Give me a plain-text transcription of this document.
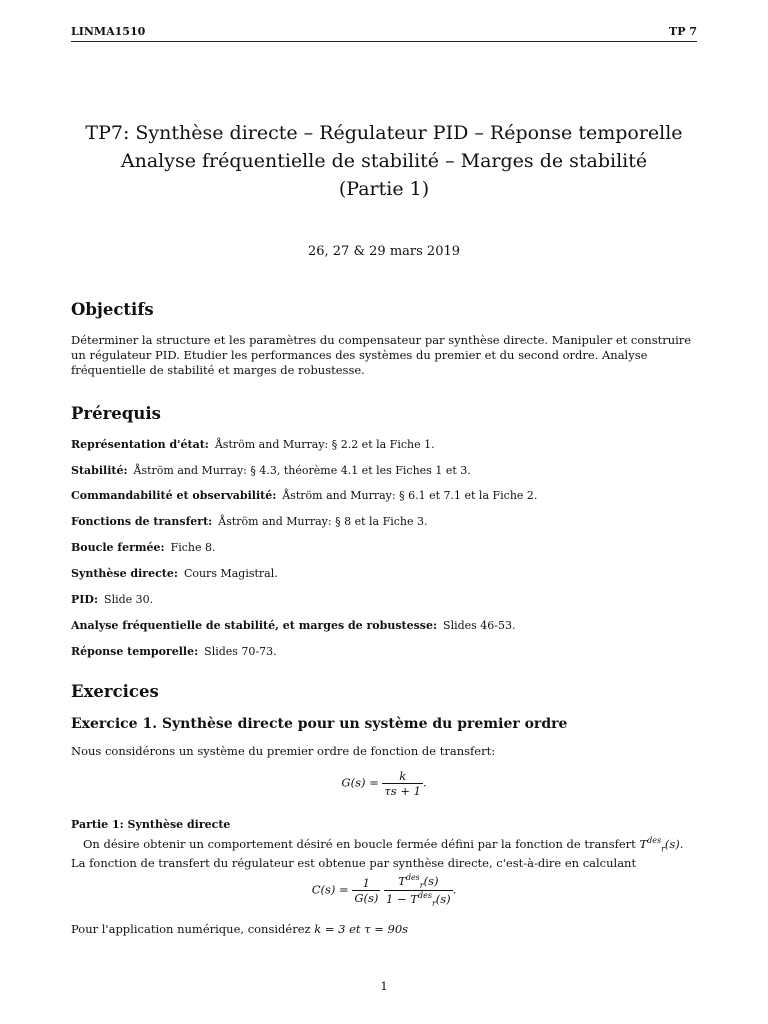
LINMA1510	TP 7
TP7: Synthèse directe – Régulateur PID – Réponse temporelle
Analyse fréquentielle de stabilité – Marges de stabilité
(Partie 1)
26, 27 & 29 mars 2019
Objectifs
Déterminer la structure et les paramètres du compensateur par synthèse directe. Manipuler et construire un régulateur PID. Etudier les performances des systèmes du premier et du second ordre. Analyse fréquentielle de stabilité et marges de robustesse.
Prérequis
Représentation d'état: Åström and Murray: § 2.2 et la Fiche 1.
Stabilité: Åström and Murray: § 4.3, théorème 4.1 et les Fiches 1 et 3.
Commandabilité et observabilité: Åström and Murray: § 6.1 et 7.1 et la Fiche 2.
Fonctions de transfert: Åström and Murray: § 8 et la Fiche 3.
Boucle fermée: Fiche 8.
Synthèse directe: Cours Magistral.
PID: Slide 30.
Analyse fréquentielle de stabilité, et marges de robustesse: Slides 46-53.
Réponse temporelle: Slides 70-73.
Exercices
Exercice 1. Synthèse directe pour un système du premier ordre
Nous considérons un système du premier ordre de fonction de transfert:
$G(s) = \frac{k}{\tau s + 1}$ .
Partie 1: Synthèse directe
On désire obtenir un comportement désiré en boucle fermée défini par la fonction de transfert $T^{des}_r(s)$. La fonction de transfert du régulateur est obtenue par synthèse directe, c'est-à-dire en calculant
$C(s) = \frac{1}{G(s)}$
$\frac{T^{des}_r(s)}{1 - T^{des}_r(s)}$ .
Pour l'application numérique, considérez k = 3 et τ = 90s
1
